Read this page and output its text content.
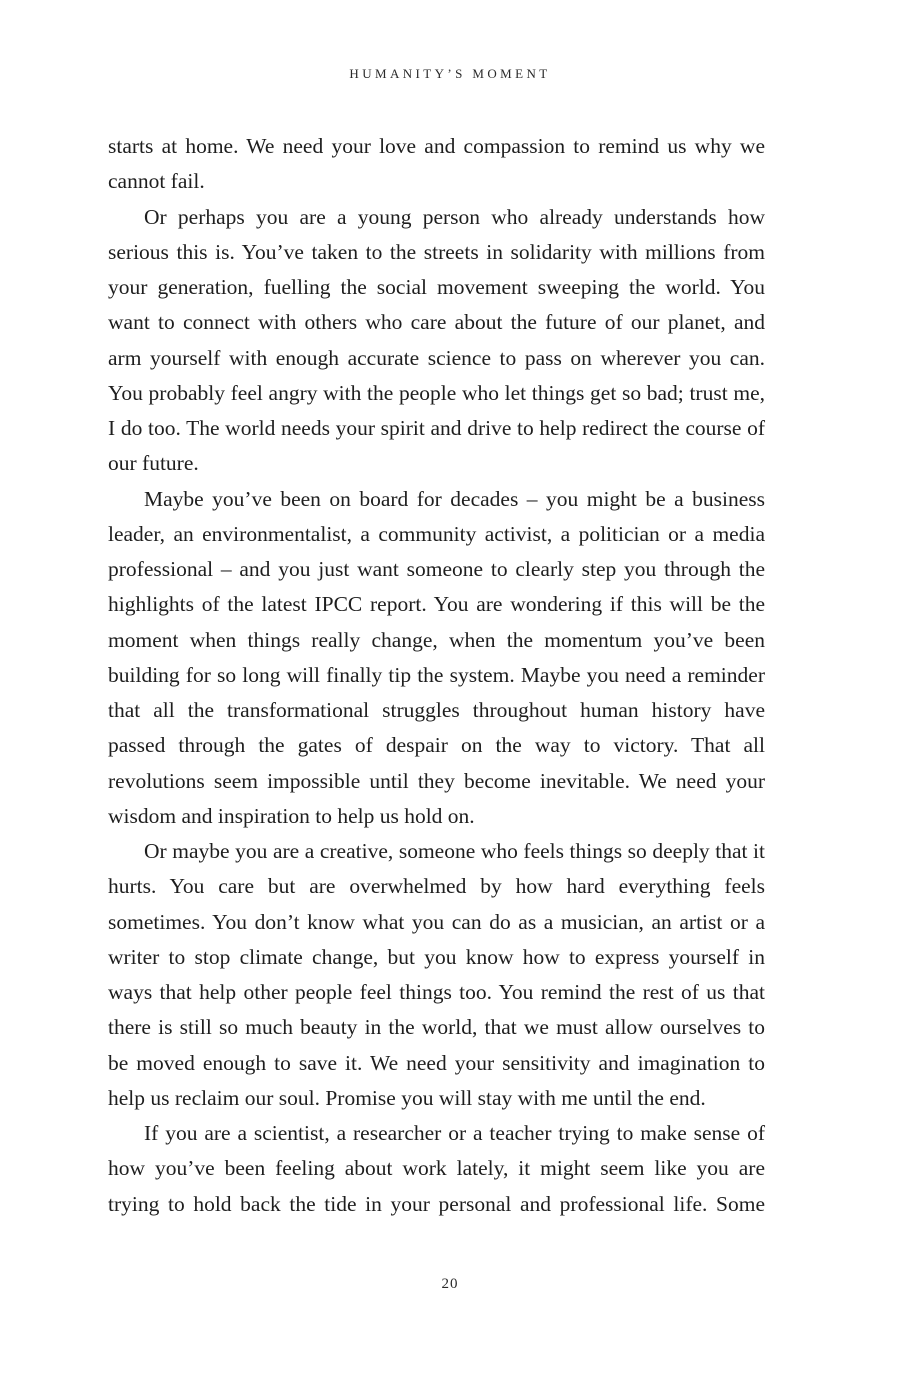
HUMANITY’S MOMENT

starts at home. We need your love and compassion to remind us why we cannot fail.

Or perhaps you are a young person who already understands how serious this is. You’ve taken to the streets in solidarity with millions from your generation, fuelling the social movement sweeping the world. You want to connect with others who care about the future of our planet, and arm yourself with enough accurate science to pass on wherever you can. You probably feel angry with the people who let things get so bad; trust me, I do too. The world needs your spirit and drive to help redirect the course of our future.

Maybe you’ve been on board for decades – you might be a business leader, an environmentalist, a community activist, a politician or a media professional – and you just want someone to clearly step you through the highlights of the latest IPCC report. You are wondering if this will be the moment when things really change, when the momentum you’ve been building for so long will finally tip the system. Maybe you need a reminder that all the transformational struggles throughout human history have passed through the gates of despair on the way to victory. That all revolutions seem impossible until they become inevitable. We need your wisdom and inspiration to help us hold on.

Or maybe you are a creative, someone who feels things so deeply that it hurts. You care but are overwhelmed by how hard everything feels sometimes. You don’t know what you can do as a musician, an artist or a writer to stop climate change, but you know how to express yourself in ways that help other people feel things too. You remind the rest of us that there is still so much beauty in the world, that we must allow ourselves to be moved enough to save it. We need your sensitivity and imagination to help us reclaim our soul. Promise you will stay with me until the end.

If you are a scientist, a researcher or a teacher trying to make sense of how you’ve been feeling about work lately, it might seem like you are trying to hold back the tide in your personal and professional life. Some

20
